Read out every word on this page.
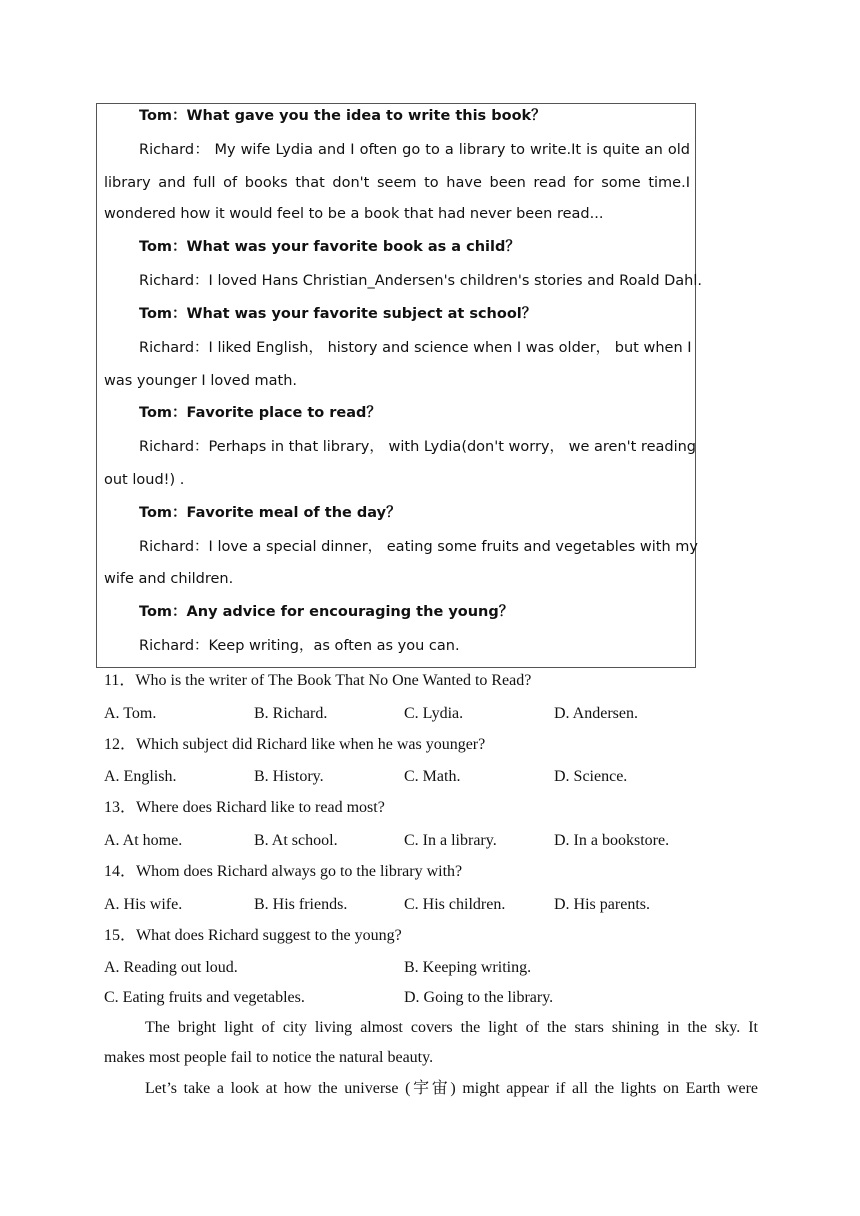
Tom：What gave you the idea to write this book？
Richard： My wife Lydia and I often go to a library to write.It is quite an old
library and full of books that don't seem to have been read for some time.I
wondered how it would feel to be a book that had never been read...
Tom：What was your favorite book as a child？
Richard：I loved Hans Christian_Andersen's children's stories and Roald Dahl.
Tom：What was your favorite subject at school？
Richard：I liked English， history and science when I was older， but when I
was younger I loved math.
Tom：Favorite place to read？
Richard：Perhaps in that library， with Lydia(don't worry， we aren't reading
out loud!) .
Tom：Favorite meal of the day？
Richard：I love a special dinner， eating some fruits and vegetables with my
wife and children.
Tom：Any advice for encouraging the young？
Richard：Keep writing，as often as you can.
11．Who is the writer of The Book That No One Wanted to Read?
A. Tom.	B. Richard.	C. Lydia.	D. Andersen.
12．Which subject did Richard like when he was younger?
A. English.	B. History.	C. Math.	D. Science.
13．Where does Richard like to read most?
A. At home.	B. At school.	C. In a library.	D. In a bookstore.
14．Whom does Richard always go to the library with?
A. His wife.	B. His friends.	C. His children.	D. His parents.
15．What does Richard suggest to the young?
A. Reading out loud.	B. Keeping writing.
C. Eating fruits and vegetables.	D. Going to the library.
The bright light of city living almost covers the light of the stars shining in the sky. It
makes most people fail to notice the natural beauty.
Let’s take a look at how the universe (宇宙) might appear if all the lights on Earth were
